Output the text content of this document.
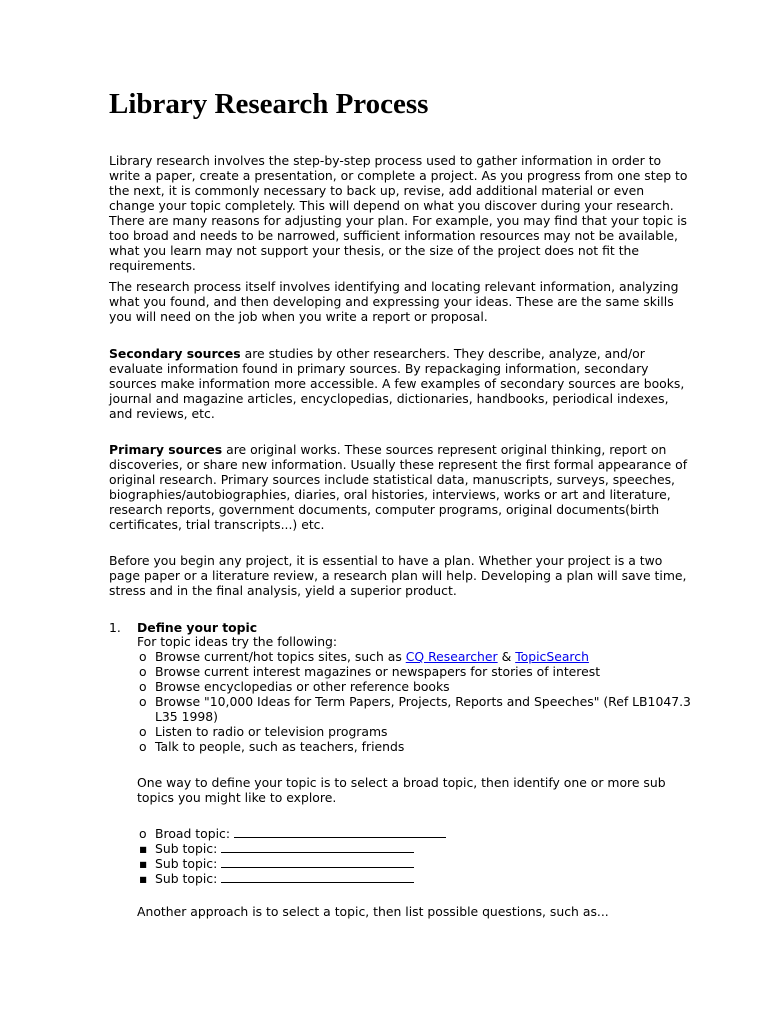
Library Research Process

Library research involves the step-by-step process used to gather information in order to write a paper, create a presentation, or complete a project. As you progress from one step to the next, it is commonly necessary to back up, revise, add additional material or even change your topic completely. This will depend on what you discover during your research. There are many reasons for adjusting your plan. For example, you may find that your topic is too broad and needs to be narrowed, sufficient information resources may not be available, what you learn may not support your thesis, or the size of the project does not fit the requirements.

The research process itself involves identifying and locating relevant information, analyzing what you found, and then developing and expressing your ideas. These are the same skills you will need on the job when you write a report or proposal.

Secondary sources are studies by other researchers. They describe, analyze, and/or evaluate information found in primary sources. By repackaging information, secondary sources make information more accessible. A few examples of secondary sources are books, journal and magazine articles, encyclopedias, dictionaries, handbooks, periodical indexes, and reviews, etc.

Primary sources are original works. These sources represent original thinking, report on discoveries, or share new information. Usually these represent the first formal appearance of original research. Primary sources include statistical data, manuscripts, surveys, speeches, biographies/autobiographies, diaries, oral histories, interviews, works or art and literature, research reports, government documents, computer programs, original documents(birth certificates, trial transcripts...) etc.

Before you begin any project, it is essential to have a plan. Whether your project is a two page paper or a literature review, a research plan will help. Developing a plan will save time, stress and in the final analysis, yield a superior product.

1. Define your topic

For topic ideas try the following:

o Browse current/hot topics sites, such as CQ Researcher & TopicSearch
o Browse current interest magazines or newspapers for stories of interest
o Browse encyclopedias or other reference books
o Browse "10,000 Ideas for Term Papers, Projects, Reports and Speeches" (Ref LB1047.3 L35 1998)
o Listen to radio or television programs
o Talk to people, such as teachers, friends

One way to define your topic is to select a broad topic, then identify one or more sub topics you might like to explore.

o Broad topic:
▪ Sub topic:
▪ Sub topic:
▪ Sub topic:

Another approach is to select a topic, then list possible questions, such as...
